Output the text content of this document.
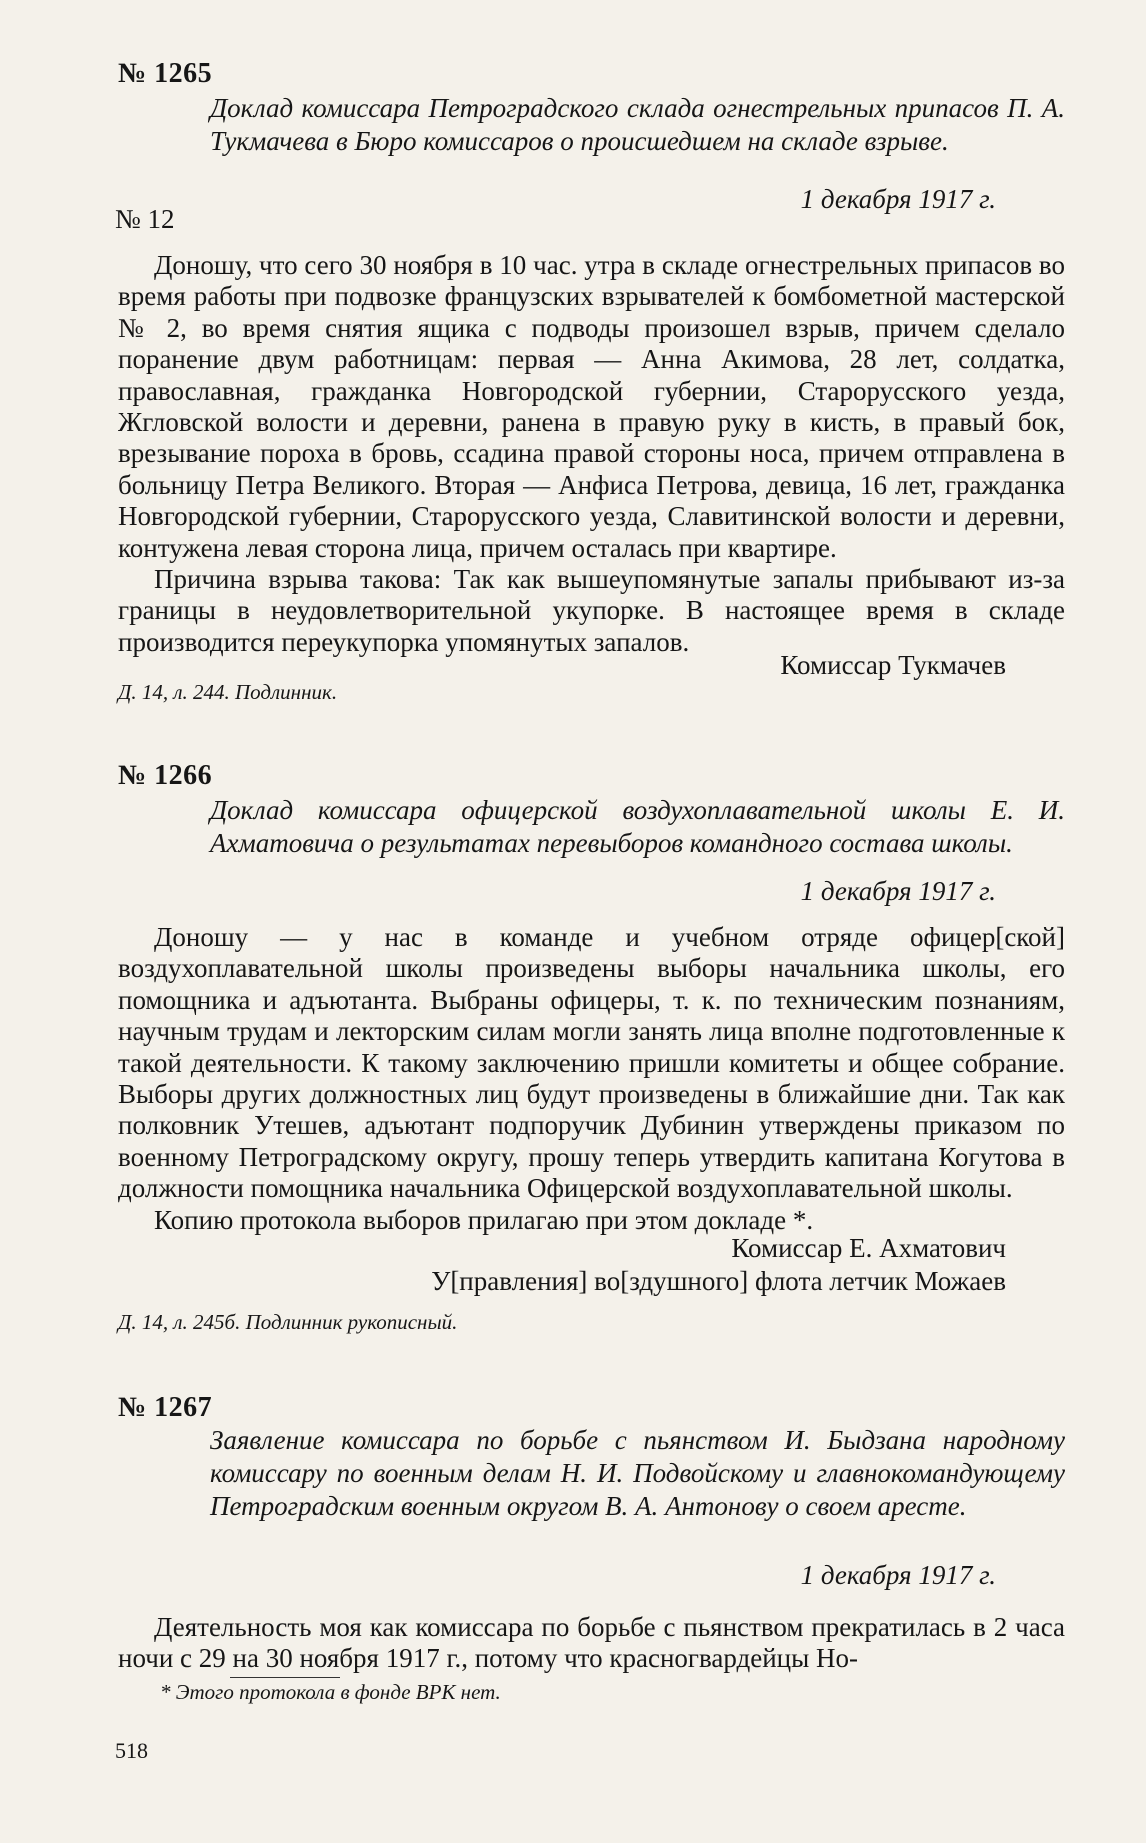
№ 1265
Доклад комиссара Петроградского склада огнестрельных припасов П. А. Тукмачева в Бюро комиссаров о происшедшем на складе взрыве.
1 декабря 1917 г.
№ 12

Доношу, что сего 30 ноября в 10 час. утра в складе огнестрельных припасов во время работы при подвозке французских взрывателей к бомбометной мастерской № 2, во время снятия ящика с подводы произошел взрыв, причем сделало поранение двум работницам: первая — Анна Акимова, 28 лет, солдатка, православная, гражданка Новгородской губернии, Старорусского уезда, Жгловской волости и деревни, ранена в правую руку в кисть, в правый бок, врезывание пороха в бровь, ссадина правой стороны носа, причем отправлена в больницу Петра Великого. Вторая — Анфиса Петрова, девица, 16 лет, гражданка Новгородской губернии, Старорусского уезда, Славитинской волости и деревни, контужена левая сторона лица, причем осталась при квартире.

Причина взрыва такова: Так как вышеупомянутые запалы прибывают из-за границы в неудовлетворительной укупорке. В настоящее время в складе производится переукупорка упомянутых запалов.

Комиссар Тукмачев
Д. 14, л. 244. Подлинник.
№ 1266
Доклад комиссара офицерской воздухоплавательной школы Е. И. Ахматовича о результатах перевыборов командного состава школы.
1 декабря 1917 г.

Доношу — у нас в команде и учебном отряде офицер[ской] воздухоплавательной школы произведены выборы начальника школы, его помощника и адъютанта. Выбраны офицеры, т. к. по техническим познаниям, научным трудам и лекторским силам могли занять лица вполне подготовленные к такой деятельности. К такому заключению пришли комитеты и общее собрание. Выборы других должностных лиц будут произведены в ближайшие дни. Так как полковник Утешев, адъютант подпоручик Дубинин утверждены приказом по военному Петроградскому округу, прошу теперь утвердить капитана Когутова в должности помощника начальника Офицерской воздухоплавательной школы.

Копию протокола выборов прилагаю при этом докладе *.

Комиссар Е. Ахматович
У[правления] во[здушного] флота летчик Можаев
Д. 14, л. 245б. Подлинник рукописный.
№ 1267
Заявление комиссара по борьбе с пьянством И. Быдзана народному комиссару по военным делам Н. И. Подвойскому и главнокомандующему Петроградским военным округом В. А. Антонову о своем аресте.
1 декабря 1917 г.

Деятельность моя как комиссара по борьбе с пьянством прекратилась в 2 часа ночи с 29 на 30 ноября 1917 г., потому что красногвардейцы Но-

* Этого протокола в фонде ВРК нет.
518
